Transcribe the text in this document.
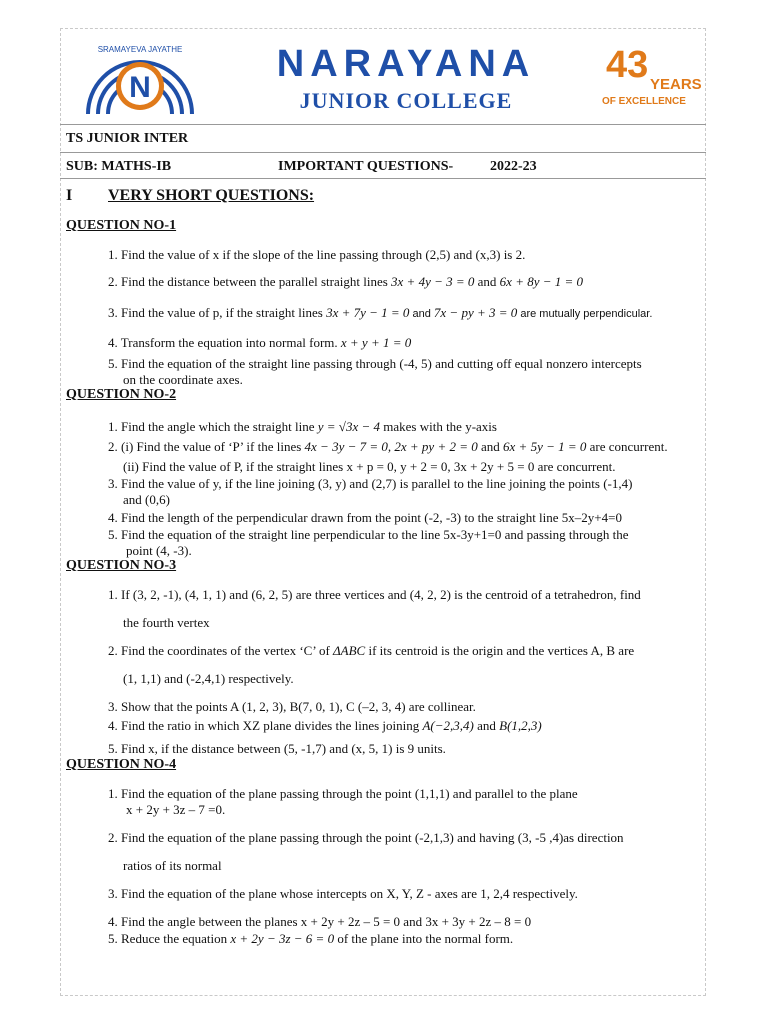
N
SRAMAYEVA JAYATHE	NARAYANA
JUNIOR COLLEGE
43 YEARS
OF EXCELLENCE
TS JUNIOR INTER
SUB: MATHS-IB	IMPORTANT QUESTIONS-	2022-23
I VERY SHORT QUESTIONS:
QUESTION NO-1
1. Find the value of x if the slope of the line passing through (2,5) and (x,3) is 2.
2. Find the distance between the parallel straight lines 3x + 4y − 3 = 0 and 6x + 8y − 1 = 0
3. Find the value of p, if the straight lines 3x + 7y − 1 = 0 and 7x − py + 3 = 0 are mutually perpendicular.
4. Transform the equation into normal form. x + y + 1 = 0
5. Find the equation of the straight line passing through (-4, 5) and cutting off equal nonzero intercepts
on the coordinate axes.
QUESTION NO-2
1. Find the angle which the straight line y = √3x − 4 makes with the y-axis
2. (i) Find the value of ‘P’ if the lines 4x − 3y − 7 = 0, 2x + py + 2 = 0 and 6x + 5y − 1 = 0 are concurrent.
(ii) Find the value of P, if the straight lines x + p = 0, y + 2 = 0, 3x + 2y + 5 = 0 are concurrent.
3. Find the value of y, if the line joining (3, y) and (2,7) is parallel to the line joining the points (-1,4)
and (0,6)
4. Find the length of the perpendicular drawn from the point (-2, -3) to the straight line 5x–2y+4=0
5. Find the equation of the straight line perpendicular to the line 5x-3y+1=0 and passing through the
point (4, -3).
QUESTION NO-3
1. If (3, 2, -1), (4, 1, 1) and (6, 2, 5) are three vertices and (4, 2, 2) is the centroid of a tetrahedron, find
the fourth vertex
2. Find the coordinates of the vertex ‘C’ of ΔABC if its centroid is the origin and the vertices A, B are
(1, 1,1) and (-2,4,1) respectively.
3. Show that the points A (1, 2, 3), B(7, 0, 1), C (–2, 3, 4) are collinear.
4. Find the ratio in which XZ plane divides the lines joining A(−2,3,4) and B(1,2,3)
5. Find x, if the distance between (5, -1,7) and (x, 5, 1) is 9 units.
QUESTION NO-4
1. Find the equation of the plane passing through the point (1,1,1) and parallel to the plane
x + 2y + 3z – 7 =0.
2. Find the equation of the plane passing through the point (-2,1,3) and having (3, -5 ,4)as direction
ratios of its normal
3. Find the equation of the plane whose intercepts on X, Y, Z - axes are 1, 2,4 respectively.
4. Find the angle between the planes x + 2y + 2z – 5 = 0 and 3x + 3y + 2z – 8 = 0
5. Reduce the equation x + 2y − 3z − 6 = 0 of the plane into the normal form.
